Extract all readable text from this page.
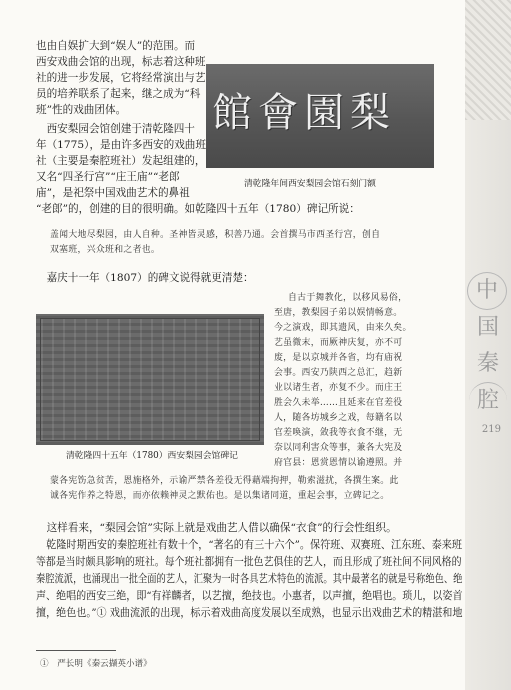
中
国
秦
腔
219

也由自娱扩大到“娱人”的范围。而

西安戏曲会馆的出现，标志着这种班

社的进一步发展，它将经常演出与艺

员的培养联系了起来，继之成为“科

班”性的戏曲团体。

　西安梨园会馆创建于清乾隆四十

年（1775），是由许多西安的戏曲班

社（主要是秦腔班社）发起组建的，

又名“四圣行宫”“庄王庙”“老郎

庙”，是祀祭中国戏曲艺术的鼻祖

“老郎”的，创建的目的很明确。如乾隆四十五年（1780）碑记所说：

館會園梨
清乾隆年间西安梨园会馆石刻门额

盖闻大地尽梨园，由人自种。圣神皆灵感，积善乃通。会首撰马市西圣行宫，创自

双塞班，兴众班和之者也。

　嘉庆十一年（1807）的碑文说得就更清楚：

清乾隆四十五年（1780）西安梨园会馆碑记

自古于舞教化，以移风易俗，

至唐，教梨园子弟以娱情畅意。

今之演戏，即其遗风，由来久矣。

艺虽微末，而厥神庆复，亦不可

废，是以京城并各省，均有庙祝

会事。西安乃陕西之总汇，趋新

业以诸生者，亦复不少。而庄王

胜会久未举……且延来在官差役

人，随各坊城乡之戏，每籍名以

官差唤演，敛我等衣食不继，无

奈以同利害众等事，兼各大宪及

府官县：恩赏恩情以谕遵照。并

蒙各宪饬急贫苦，恩施格外，示谕严禁各差役无得藉端拘押，勒索滋扰，各撰生案。此

诚各宪作养之特恩，而亦依赖神灵之默佑也。是以集诸同道，重起会事，立碑记之。

　这样看来，“梨园会馆”实际上就是戏曲艺人借以确保“衣食”的行会性组织。

　乾隆时期西安的秦腔班社有数十个，“著名的有三十六个”。保符班、双赛班、江东班、泰来班

等都是当时颇具影响的班社。每个班社都拥有一批色艺俱佳的艺人，而且形成了班社间不同风格的

秦腔流派，也涌现出一批全面的艺人，汇聚为一时各具艺术特色的流派。其中最著名的就是号称绝色、绝

声、绝唱的西安三绝，即“有祥麟者，以艺擅，绝技也。小惠者，以声擅，绝唱也。琐儿，以姿首

擅，绝色也。”① 戏曲流派的出现，标示着戏曲高度发展以至成熟，也显示出戏曲艺术的精湛和地

①　严长明《秦云撷英小谱》
